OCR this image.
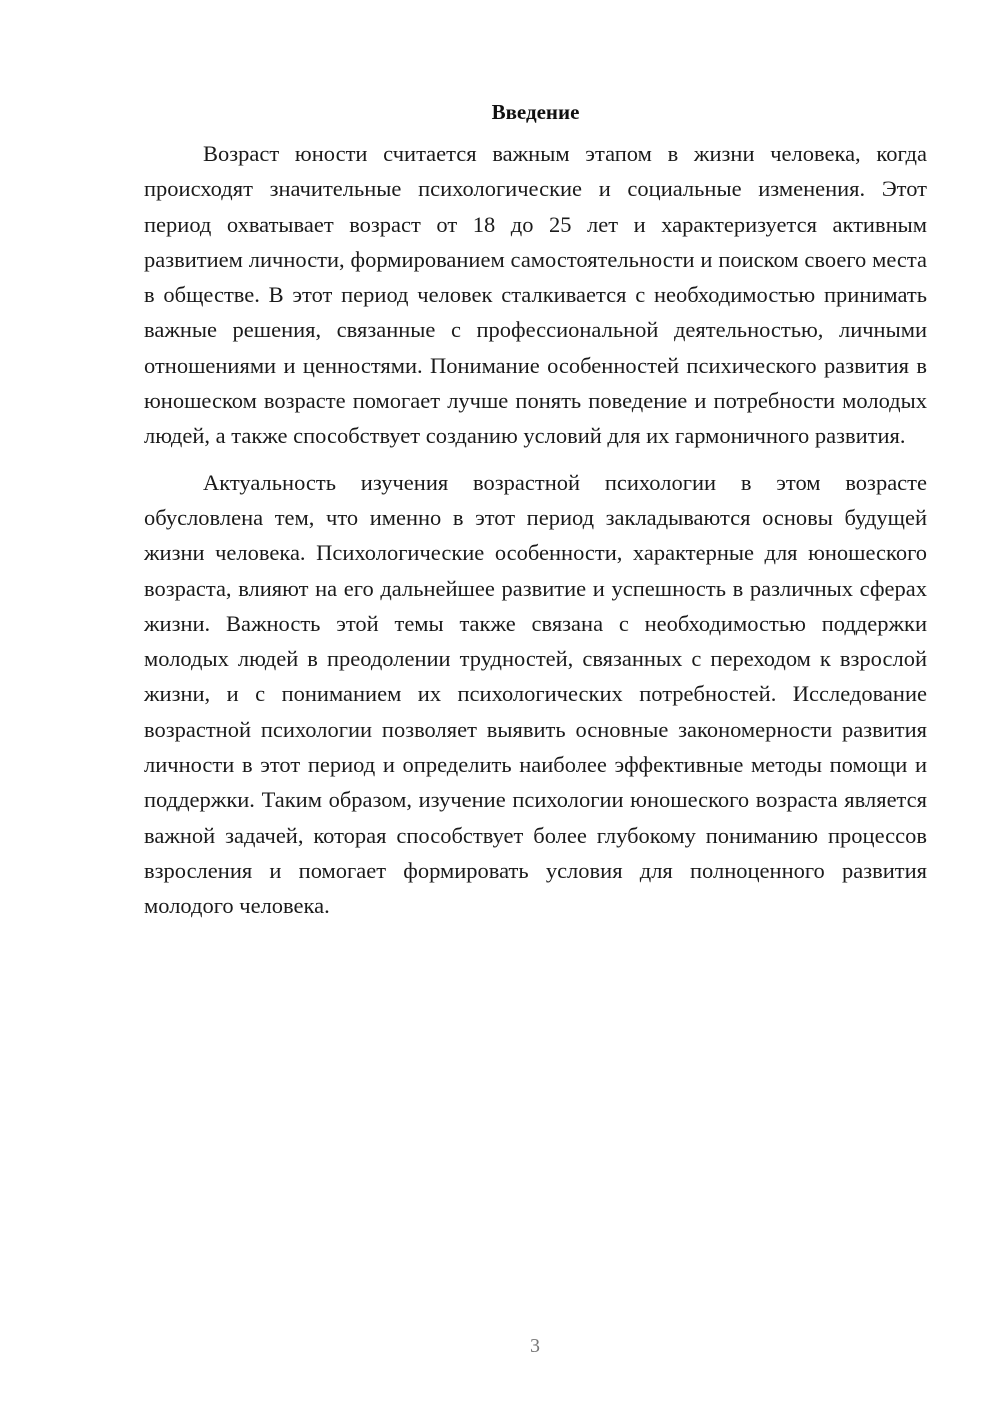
Введение

Возраст юности считается важным этапом в жизни человека, когда происходят значительные психологические и социальные изменения. Этот период охватывает возраст от 18 до 25 лет и характеризуется активным развитием личности, формированием самостоятельности и поиском своего места в обществе. В этот период человек сталкивается с необходимостью принимать важные решения, связанные с профессиональной деятельностью, личными отношениями и ценностями. Понимание особенностей психического развития в юношеском возрасте помогает лучше понять поведение и потребности молодых людей, а также способствует созданию условий для их гармоничного развития.

Актуальность изучения возрастной психологии в этом возрасте обусловлена тем, что именно в этот период закладываются основы будущей жизни человека. Психологические особенности, характерные для юношеского возраста, влияют на его дальнейшее развитие и успешность в различных сферах жизни. Важность этой темы также связана с необходимостью поддержки молодых людей в преодолении трудностей, связанных с переходом к взрослой жизни, и с пониманием их психологических потребностей. Исследование возрастной психологии позволяет выявить основные закономерности развития личности в этот период и определить наиболее эффективные методы помощи и поддержки. Таким образом, изучение психологии юношеского возраста является важной задачей, которая способствует более глубокому пониманию процессов взросления и помогает формировать условия для полноценного развития молодого человека.

3
